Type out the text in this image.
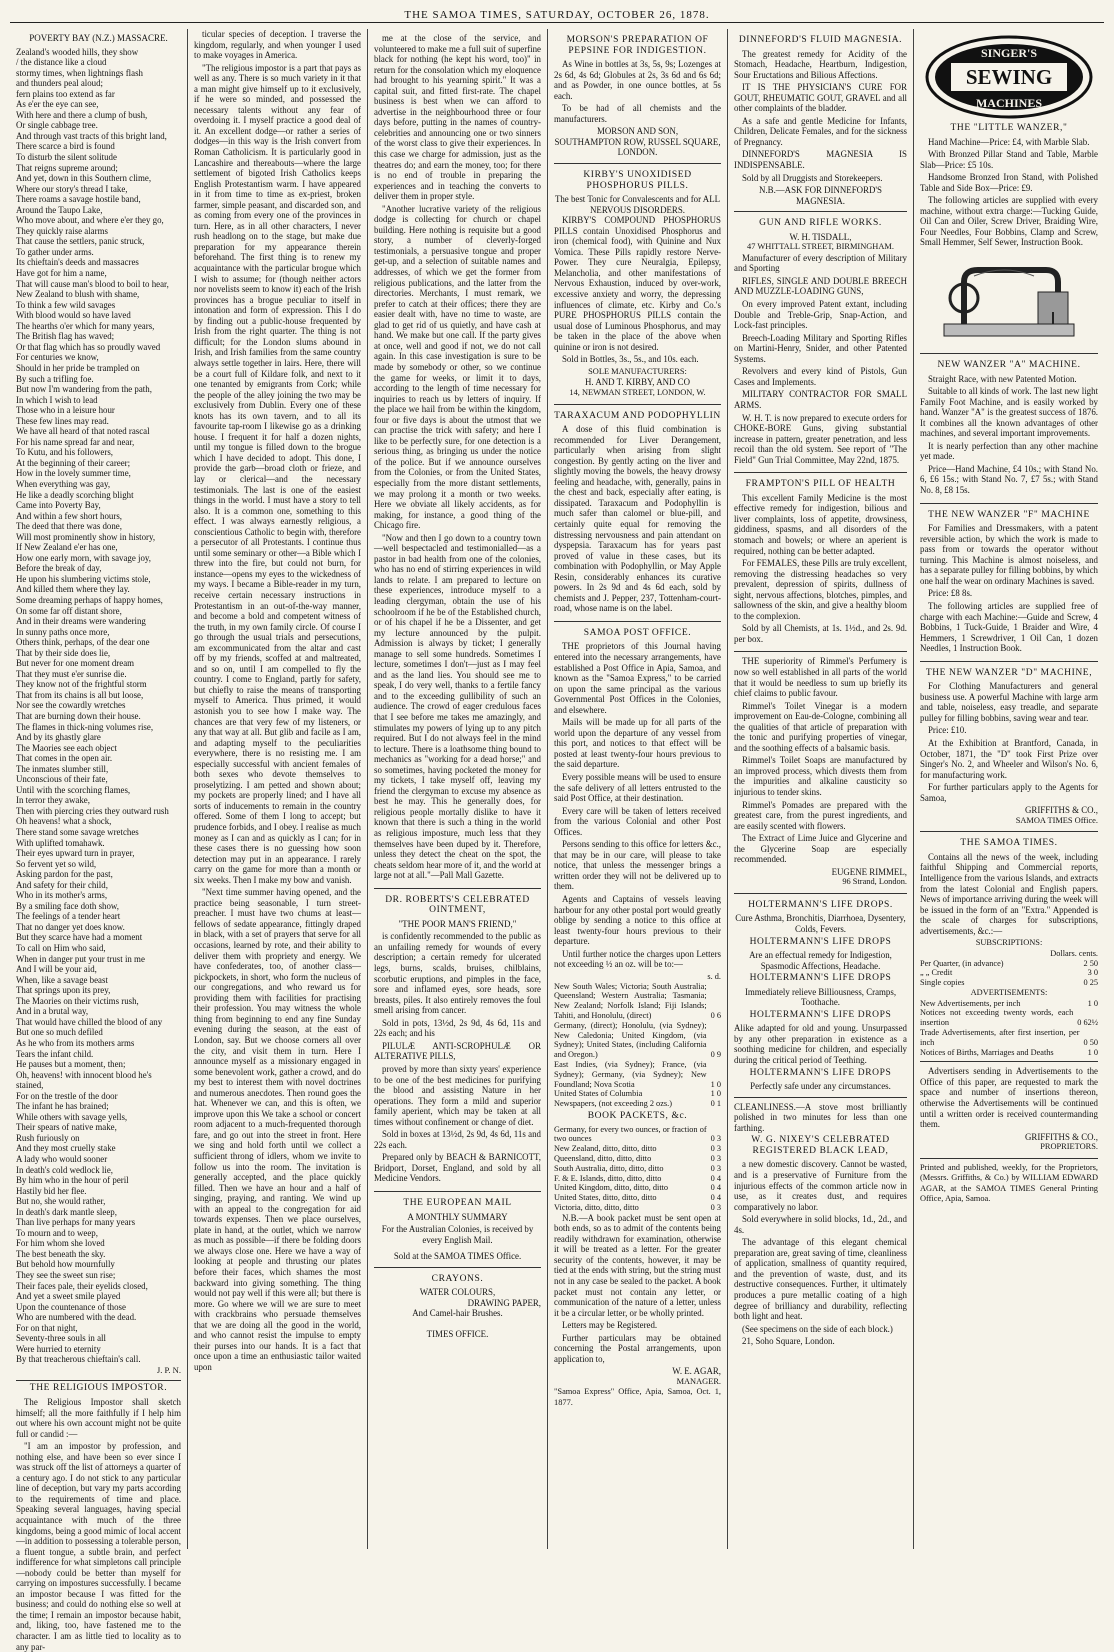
THE SAMOA TIMES, SATURDAY, OCTOBER 26, 1878.
POVERTY BAY (N.Z.) MASSACRE.

Zealand's wooded hills, they show

/ the distance like a cloud

stormy times, when lightnings flash

and thunders peal aloud;

fern plains too extend as far

As e'er the eye can see,

With here and there a clump of bush,

Or single cabbage tree.

And through vast tracts of this bright land,

There scarce a bird is found

To disturb the silent solitude

That reigns supreme around;

And yet, down in this Southern clime,

Where our story's thread I take,

There roams a savage hostile band,

Around the Taupo Lake,

Who move about, and where e'er they go,

They quickly raise alarms

That cause the settlers, panic struck,

To gather under arms.

Its chieftain's deeds and massacres

Have got for him a name,

That will cause man's blood to boil to hear,

New Zealand to blush with shame,

To think a few wild savages

With blood would so have laved

The hearths o'er which for many years,

The British flag has waved;

Or that flag which has so proudly waved

For centuries we know,

Should in her pride be trampled on

By such a trifling foe.

But now I'm wandering from the path,

In which I wish to lead

Those who in a leisure hour

These few lines may read.

We have all heard of that noted rascal

For his name spread far and near,

To Kutu, and his followers,

At the beginning of their career;

How in the lovely summer time,

When everything was gay,

He like a deadly scorching blight

Came into Poverty Bay,

And within a few short hours,

The deed that there was done,

Will most prominently show in history,

If New Zealand e'er has one,

How one early morn, with savage joy,

Before the break of day,

He upon his slumbering victims stole,

And killed them where they lay.

Some dreaming perhaps of happy homes,

On some far off distant shore,

And in their dreams were wandering

In sunny paths once more,

Others think, perhaps, of the dear one

That by their side does lie,

But never for one moment dream

That they must e'er sunrise die.

They know not of the frightful storm

That from its chains is all but loose,

Nor see the cowardly wretches

That are burning down their house.

The flames in thick-ning volumes rise,

And by its ghastly glare

The Maories see each object

That comes in the open air.

The inmates slumber still,

Unconscious of their fate,

Until with the scorching flames,

In terror they awake,

Then with piercing cries they outward rush

Oh heavens! what a shock,

There stand some savage wretches

With uplifted tomahawk.

Their eyes upward turn in prayer,

So fervent yet so wild,

Asking pardon for the past,

And safety for their child,

Who in its mother's arms,

By a smiling face doth show,

The feelings of a tender heart

That no danger yet does know.

But they scarce have had a moment

To call on Him who said,

When in danger put your trust in me

And I will be your aid,

When, like a savage beast

That springs upon its prey,

The Maories on their victims rush,

And in a brutal way,

That would have chilled the blood of any

But one so much defiled

As he who from its mothers arms

Tears the infant child.

He pauses but a moment, then;

Oh, heavens! with innocent blood he's stained,

For on the trestle of the door

The infant he has brained;

While others with savage yells,

Their spears of native make,

Rush furiously on

And they most cruelly stake

A lady who would sooner

In death's cold wedlock lie,

By him who in the hour of peril

Hastily bid her flee.

But no, she would rather,

In death's dark mantle sleep,

Than live perhaps for many years

To mourn and to weep,

For him whom she loved

The best beneath the sky.

But behold how mournfully

They see the sweet sun rise;

Their faces pale, their eyelids closed,

And yet a sweet smile played

Upon the countenance of those

Who are numbered with the dead.

For on that night,

Seventy-three souls in all

Were hurried to eternity

By that treacherous chieftain's call.

J. P. N.
THE RELIGIOUS IMPOSTOR.

The Religious Impostor shall sketch himself; all the more faithfully if I help him out where his own account might not be quite full or candid :—

"I am an impostor by profession, and nothing else, and have been so ever since I was struck off the list of attorneys a quarter of a century ago. I do not stick to any particular line of deception, but vary my parts according to the requirements of time and place. Speaking several languages, having special acquaintance with much of the three kingdoms, being a good mimic of local accent—in addition to possessing a tolerable person, a fluent tongue, a subtle brain, and perfect indifference for what simpletons call principle—nobody could be better than myself for carrying on impostures successfully. I became an impostor because I was fitted for the business; and could do nothing else so well at the time; I remain an impostor because habit, and, liking, too, have fastened me to the character. I am as little tied to locality as to any par-

ticular species of deception. I traverse the kingdom, regularly, and when younger I used to make voyages in America.

"The religious impostor is a part that pays as well as any. There is so much variety in it that a man might give himself up to it exclusively, if he were so minded, and possessed the necessary talents without any fear of overdoing it. I myself practice a good deal of it. An excellent dodge—or rather a series of dodges—in this way is the Irish convert from Roman Catholicism. It is particularly good in Lancashire and thereabouts—where the large settlement of bigoted Irish Catholics keeps English Protestantism warm. I have appeared in it from time to time as ex-priest, broken farmer, simple peasant, and discarded son, and as coming from every one of the provinces in turn. Here, as in all other characters, I never rush headlong on to the stage, but make due preparation for my appearance therein beforehand. The first thing is to renew my acquaintance with the particular brogue which I wish to assume; for (though neither actors nor novelists seem to know it) each of the Irish provinces has a brogue peculiar to itself in intonation and form of expression. This I do by finding out a public-house frequented by Irish from the right quarter. The thing is not difficult; for the London slums abound in Irish, and Irish families from the same country always settle together in lairs. Here, there will be a court full of Kildare folk, and next to it one tenanted by emigrants from Cork; while the people of the alley joining the two may be exclusively from Dublin. Every one of these knots has its own tavern, and to all its favourite tap-room I likewise go as a drinking house. I frequent it for half a dozen nights, until my tongue is filled down to the brogue which I have decided to adopt. This done, I provide the garb—broad cloth or frieze, and lay or clerical—and the necessary testimonials. The last is one of the easiest things in the world. I must have a story to tell also. It is a common one, something to this effect. I was always earnestly religious, a conscientious Catholic to begin with, therefore a persecutor of all Protestants. I continue thus until some seminary or other—a Bible which I threw into the fire, but could not burn, for instance—opens my eyes to the wickedness of my ways. I became a Bible-reader in my turn, receive certain necessary instructions in Protestantism in an out-of-the-way manner, and become a bold and competent witness of the truth, in my own family circle. Of course I go through the usual trials and persecutions, am excommunicated from the altar and cast off by my friends, scoffed at and maltreated, and so on, until I am compelled to fly the country. I come to England, partly for safety, but chiefly to raise the means of transporting myself to America. Thus primed, it would astonish you to see how I make way. The chances are that very few of my listeners, or any that way at all. But glib and facile as I am, and adapting myself to the peculiarities everywhere, there is no resisting me. I am especially successful with ancient females of both sexes who devote themselves to proselytizing. I am petted and shown about; my pockets are properly lined; and I have all sorts of inducements to remain in the country offered. Some of them I long to accept; but prudence forbids, and I obey. I realise as much money as I can and as quickly as I can; for in these cases there is no guessing how soon detection may put in an appearance. I rarely carry on the game for more than a month or six weeks. Then I make my bow and vanish.

"Next time summer having opened, and the practice being seasonable, I turn street-preacher. I must have two chums at least—fellows of sedate appearance, fittingly draped in black, with a set of prayers that serve for all occasions, learned by rote, and their ability to deliver them with propriety and energy. We have confederates, too, of another class—pickpockets, in short, who form the nucleus of our congregations, and who reward us for providing them with facilities for practising their profession. You may witness the whole thing from beginning to end any fine Sunday evening during the season, at the east of London, say. But we choose corners all over the city, and visit them in turn. Here I announce myself as a missionary engaged in some benevolent work, gather a crowd, and do my best to interest them with novel doctrines and numerous anecdotes. Then round goes the hat. Whenever we can, and this is often, we improve upon this We take a school or concert room adjacent to a much-frequented thorough fare, and go out into the street in front. Here we sing and hold forth until we collect a sufficient throng of idlers, whom we invite to follow us into the room. The invitation is generally accepted, and the place quickly filled. Then we have an hour and a half of singing, praying, and ranting. We wind up with an appeal to the congregation for aid towards expenses. Then we place ourselves, plate in hand, at the outlet, which we narrow as much as possible—if there be folding doors we always close one. Here we have a way of looking at people and thrusting our plates before their faces, which shames the most backward into giving something. The thing would not pay well if this were all; but there is more. Go where we will we are sure to meet with crackbrains who persuade themselves that we are doing all the good in the world, and who cannot resist the impulse to empty their purses into our hands. It is a fact that once upon a time an enthusiastic tailor waited upon

me at the close of the service, and volunteered to make me a full suit of superfine black for nothing (he kept his word, too)" in return for the consolation which my eloquence had brought to his yearning spirit." It was a capital suit, and fitted first-rate. The chapel business is best when we can afford to advertise in the neighbourhood three or four days before, putting in the names of country-celebrities and announcing one or two sinners of the worst class to give their experiences. In this case we charge for admission, just as the theatres do; and earn the money, too; for there is no end of trouble in preparing the experiences and in teaching the converts to deliver them in proper style.

"Another lucrative variety of the religious dodge is collecting for church or chapel building. Here nothing is requisite but a good story, a number of cleverly-forged testimonials, a persuasive tongue and proper get-up, and a selection of suitable names and addresses, of which we get the former from religious publications, and the latter from the directories. Merchants, I must remark, we prefer to catch at their offices; there they are easier dealt with, have no time to waste, are glad to get rid of us quietly, and have cash at hand. We make but one call. If the party gives at once, well and good if not, we do not call again. In this case investigation is sure to be made by somebody or other, so we continue the game for weeks, or limit it to days, according to the length of time necessary for inquiries to reach us by letters of inquiry. If the place we hail from be within the kingdom, four or five days is about the utmost that we can practise the trick with safety; and here I like to be perfectly sure, for one detection is a serious thing, as bringing us under the notice of the police. But if we announce ourselves from the Colonies, or from the United States, especially from the more distant settlements, we may prolong it a month or two weeks. Here we obviate all likely accidents, as for making, for instance, a good thing of the Chicago fire.

"Now and then I go down to a country town—well bespectacled and testimonialled—as a pastor in bad health from one of the colonies, who has no end of stirring experiences in wild lands to relate. I am prepared to lecture on these experiences, introduce myself to a leading clergyman, obtain the use of his schoolroom if he be of the Established church, or of his chapel if he be a Dissenter, and get my lecture announced by the pulpit. Admission is always by ticket; I generally manage to sell some hundreds. Sometimes I lecture, sometimes I don't—just as I may feel and as the land lies. You should see me to speak, I do very well, thanks to a fertile fancy and to the exceeding gullibility of such an audience. The crowd of eager credulous faces that I see before me takes me amazingly, and stimulates my powers of lying up to any pitch required. But I do not always feel in the mind to lecture. There is a loathsome thing bound to mechanics as "working for a dead horse;" and so sometimes, having pocketed the money for my tickets, I take myself off, leaving my friend the clergyman to excuse my absence as best he may. This he generally does, for religious people mortally dislike to have it known that there is such a thing in the world as religious imposture, much less that they themselves have been duped by it. Therefore, unless they detect the cheat on the spot, the cheats seldom hear more of it, and the world at large not at all."—Pall Mall Gazette.

DR. ROBERTS'S CELEBRATED OINTMENT,
"THE POOR MAN'S FRIEND,"

is confidently recommended to the public as an unfailing remedy for wounds of every description; a certain remedy for ulcerated legs, burns, scalds, bruises, chilblains, scorbutic eruptions, and pimples in the face, sore and inflamed eyes, sore heads, sore breasts, piles. It also entirely removes the foul smell arising from cancer.

Sold in pots, 13½d, 2s 9d, 4s 6d, 11s and 22s each; and his

PILULÆ ANTI-SCROPHULÆ OR ALTERATIVE PILLS,

proved by more than sixty years' experience to be one of the best medicines for purifying the blood and assisting Nature in her operations. They form a mild and superior family aperient, which may be taken at all times without confinement or change of diet.

Sold in boxes at 13½d, 2s 9d, 4s 6d, 11s and 22s each.

Prepared only by BEACH & BARNICOTT, Bridport, Dorset, England, and sold by all Medicine Vendors.

THE EUROPEAN MAIL
A MONTHLY SUMMARY
For the Australian Colonies, is received by every English Mail.
Sold at the SAMOA TIMES Office.
CRAYONS.
WATER COLOURS,
DRAWING PAPER,
And Camel-hair Brushes.
TIMES OFFICE.
MORSON'S PREPARATION OF PEPSINE FOR INDIGESTION.

As Wine in bottles at 3s, 5s, 9s; Lozenges at 2s 6d, 4s 6d; Globules at 2s, 3s 6d and 6s 6d; and as Powder, in one ounce bottles, at 5s each.

To be had of all chemists and the manufacturers.

MORSON AND SON,
SOUTHAMPTON ROW, RUSSEL SQUARE, LONDON.
KIRBY'S UNOXIDISED PHOSPHORUS PILLS.
The best Tonic for Convalescents and for ALL NERVOUS DISORDERS.

KIRBY'S COMPOUND PHOSPHORUS PILLS contain Unoxidised Phosphorus and iron (chemical food), with Quinine and Nux Vomica. These Pills rapidly restore Nerve-Power. They cure Neuralgia, Epilepsy, Melancholia, and other manifestations of Nervous Exhaustion, induced by over-work, excessive anxiety and worry, the depressing influences of climate, etc. Kirby and Co.'s PURE PHOSPHORUS PILLS contain the usual dose of Luminous Phosphorus, and may be taken in the place of the above when quinine or iron is not desired.

Sold in Bottles, 3s., 5s., and 10s. each.

SOLE MANUFACTURERS:
H. AND T. KIRBY, AND CO
14, NEWMAN STREET, LONDON, W.
TARAXACUM AND PODOPHYLLIN

A dose of this fluid combination is recommended for Liver Derangement, particularly when arising from slight congestion. By gently acting on the liver and slightly moving the bowels, the heavy drowsy feeling and headache, with, generally, pains in the chest and back, especially after eating, is dissipated. Taraxacum and Podophyllin is much safer than calomel or blue-pill, and certainly quite equal for removing the distressing nervousness and pain attendant on dyspepsia. Taraxacum has for years past proved of value in these cases, but its combination with Podophyllin, or May Apple Resin, considerably enhances its curative powers. In 2s 9d and 4s 6d each, sold by chemists and J. Pepper, 237, Tottenham-court-road, whose name is on the label.

SAMOA POST OFFICE.

THE proprietors of this Journal having entered into the necessary arrangements, have established a Post Office in Apia, Samoa, and known as the "Samoa Express," to be carried on upon the same principal as the various Governmental Post Offices in the Colonies, and elsewhere.

Mails will be made up for all parts of the world upon the departure of any vessel from this port, and notices to that effect will be posted at least twenty-four hours previous to the said departure.

Every possible means will be used to ensure the safe delivery of all letters entrusted to the said Post Office, at their destination.

Every care will be taken of letters received from the various Colonial and other Post Offices.

Persons sending to this office for letters &c., that may be in our care, will please to take notice, that unless the messenger brings a written order they will not be delivered up to them.

Agents and Captains of vessels leaving harbour for any other postal port would greatly oblige by sending a notice to this office at least twenty-four hours previous to their departure.

Until further notice the charges upon Letters not exceeding ½ an oz. will be to:—

s. d.
New South Wales; Victoria; South Australia; Queensland; Western Australia; Tasmania; New Zealand; Norfolk Island; Fiji Islands; Tahiti, and Honolulu, (direct)	0 6
Germany, (direct); Honolulu, (via Sydney); New Caledonia; United Kingdom, (via Sydney); United States, (including California and Oregon.)	0 9
East Indies, (via Sydney); France, (via Sydney); Germany, (via Sydney); New Foundland; Nova Scotia	1 0
United States of Columbia	1 0
Newspapers, (not exceeding 2 ozs.)	0 1
BOOK PACKETS, &c.
Germany, for every two ounces, or fraction of two ounces	0 3
New Zealand, ditto, ditto, ditto	0 3
Queensland, ditto, ditto, ditto	0 3
South Australia, ditto, ditto, ditto	0 3
F. & E. Islands, ditto, ditto, ditto	0 4
United Kingdom, ditto, ditto, ditto	0 4
United States, ditto, ditto, ditto	0 4
Victoria, ditto, ditto, ditto	0 3

N.B.—A book packet must be sent open at both ends, so as to admit of the contents being readily withdrawn for examination, otherwise it will be treated as a letter. For the greater security of the contents, however, it may be tied at the ends with string, but the string must not in any case be sealed to the packet. A book packet must not contain any letter, or communication of the nature of a letter, unless it be a circular letter, or be wholly printed.

Letters may be Registered.

Further particulars may be obtained concerning the Postal arrangements, upon application to,

W. E. AGAR,
MANAGER.
"Samoa Express" Office, Apia, Samoa, Oct. 1, 1877.
DINNEFORD'S FLUID MAGNESIA.

The greatest remedy for Acidity of the Stomach, Headache, Heartburn, Indigestion, Sour Eructations and Bilious Affections.

IT IS THE PHYSICIAN'S CURE FOR GOUT, RHEUMATIC GOUT, GRAVEL and all other complaints of the bladder.

As a safe and gentle Medicine for Infants, Children, Delicate Females, and for the sickness of Pregnancy.

DINNEFORD'S MAGNESIA IS INDISPENSABLE.

Sold by all Druggists and Storekeepers.

N.B.—ASK FOR DINNEFORD'S MAGNESIA.
GUN AND RIFLE WORKS.
W. H. TISDALL,
47 WHITTALL STREET, BIRMINGHAM.

Manufacturer of every description of Military and Sporting

RIFLES, SINGLE AND DOUBLE BREECH AND MUZZLE-LOADING GUNS,

On every improved Patent extant, including Double and Treble-Grip, Snap-Action, and Lock-fast principles.

Breech-Loading Military and Sporting Rifles on Martini-Henry, Snider, and other Patented Systems.

Revolvers and every kind of Pistols, Gun Cases and Implements.

MILITARY CONTRACTOR FOR SMALL ARMS.

W. H. T. is now prepared to execute orders for CHOKE-BORE Guns, giving substantial increase in pattern, greater penetration, and less recoil than the old system. See report of "The Field" Gun Trial Committee, May 22nd, 1875.

FRAMPTON'S PILL OF HEALTH

This excellent Family Medicine is the most effective remedy for indigestion, bilious and liver complaints, loss of appetite, drowsiness, giddiness, spasms, and all disorders of the stomach and bowels; or where an aperient is required, nothing can be better adapted.

For FEMALES, these Pills are truly excellent, removing the distressing headaches so very prevalent, depression of spirits, dullness of sight, nervous affections, blotches, pimples, and sallowness of the skin, and give a healthy bloom to the complexion.

Sold by all Chemists, at 1s. 1½d., and 2s. 9d. per box.

THE superiority of Rimmel's Perfumery is now so well established in all parts of the world that it would be needless to sum up briefly its chief claims to public favour.

Rimmel's Toilet Vinegar is a modern improvement on Eau-de-Cologne, combining all the qualities of that article of preparation with the tonic and purifying properties of vinegar, and the soothing effects of a balsamic basis.

Rimmel's Toilet Soaps are manufactured by an improved process, which divests them from the impurities and alkaline causticity so injurious to tender skins.

Rimmel's Pomades are prepared with the greatest care, from the purest ingredients, and are easily scented with flowers.

The Extract of Lime Juice and Glycerine and the Glycerine Soap are especially recommended.

EUGENE RIMMEL,
96 Strand, London.
HOLTERMANN'S LIFE DROPS.
Cure Asthma, Bronchitis, Diarrhoea, Dysentery, Colds, Fevers.
HOLTERMANN'S LIFE DROPS
Are an effectual remedy for Indigestion, Spasmodic Affections, Headache.
HOLTERMANN'S LIFE DROPS
Immediately relieve Billiousness, Cramps, Toothache.
HOLTERMANN'S LIFE DROPS
Alike adapted for old and young. Unsurpassed by any other preparation in existence as a soothing medicine for children, and especially during the critical period of Teething.
HOLTERMANN'S LIFE DROPS
Perfectly safe under any circumstances.
CLEANLINESS.—A stove most brilliantly polished in two minutes for less than one farthing.
W. G. NIXEY'S CELEBRATED REGISTERED BLACK LEAD,

a new domestic discovery. Cannot be wasted, and is a preservative of Furniture from the injurious effects of the common article now in use, as it creates dust, and requires comparatively no labor.

Sold everywhere in solid blocks, 1d., 2d., and 4s.

The advantage of this elegant chemical preparation are, great saving of time, cleanliness of application, smallness of quantity required, and the prevention of waste, dust, and its destructive consequences. Further, it ultimately produces a pure metallic coating of a high degree of brilliancy and durability, reflecting both light and heat.

(See specimens on the side of each block.)

21, Soho Square, London.

SINGER'S
SEWING
MACHINES
THE "LITTLE WANZER,"

Hand Machine—Price: £4, with Marble Slab.

With Bronzed Pillar Stand and Table, Marble Slab—Price: £5 10s.

Handsome Bronzed Iron Stand, with Polished Table and Side Box—Price: £9.

The following articles are supplied with every machine, without extra charge:—Tucking Guide, Oil Can and Oiler, Screw Driver, Braiding Wire, Four Needles, Four Bobbins, Clamp and Screw, Small Hemmer, Self Sewer, Instruction Book.

NEW WANZER "A" MACHINE.

Straight Race, with new Patented Motion.

Suitable to all kinds of work. The last new light Family Foot Machine, and is easily worked by hand. Wanzer "A" is the greatest success of 1876. It combines all the known advantages of other machines, and several important improvements.

It is nearly perfection than any other machine yet made.

Price—Hand Machine, £4 10s.; with Stand No. 6, £6 15s.; with Stand No. 7, £7 5s.; with Stand No. 8, £8 15s.

THE NEW WANZER "F" MACHINE

For Families and Dressmakers, with a patent reversible action, by which the work is made to pass from or towards the operator without turning. This Machine is almost noiseless, and has a separate pulley for filling bobbins, by which one half the wear on ordinary Machines is saved.

Price: £8 8s.

The following articles are supplied free of charge with each Machine:—Guide and Screw, 4 Bobbins, 1 Tuck-Guide, 1 Braider and Wire, 4 Hemmers, 1 Screwdriver, 1 Oil Can, 1 dozen Needles, 1 Instruction Book.

THE NEW WANZER "D" MACHINE,

For Clothing Manufacturers and general business use. A powerful Machine with large arm and table, noiseless, easy treadle, and separate pulley for filling bobbins, saving wear and tear.

Price: £10.

At the Exhibition at Brantford, Canada, in October, 1871, the "D" took First Prize over Singer's No. 2, and Wheeler and Wilson's No. 6, for manufacturing work.

For further particulars apply to the Agents for Samoa,

GRIFFITHS & CO.,
SAMOA TIMES Office.
THE SAMOA TIMES.

Contains all the news of the week, including faithful Shipping and Commercial reports, Intelligence from the various Islands, and extracts from the latest Colonial and English papers. News of importance arriving during the week will be issued in the form of an "Extra." Appended is the scale of charges for subscriptions, advertisements, &c.:—

SUBSCRIPTIONS:
Dollars. cents.
Per Quarter, (in advance)	2 50
„ „ Credit	3 0
Single copies	0 25
ADVERTISEMENTS:
New Advertisements, per inch	1 0
Notices not exceeding twenty words, each insertion	0 62½
Trade Advertisements, after first insertion, per inch	0 50
Notices of Births, Marriages and Deaths	1 0

Advertisers sending in Advertisements to the Office of this paper, are requested to mark the space and number of insertions thereon, otherwise the Advertisements will be continued until a written order is received countermanding them.

GRIFFITHS & CO.,
PROPRIETORS.
Printed and published, weekly, for the Proprietors, (Messrs. Griffiths, & Co.) by WILLIAM EDWARD AGAR, at the SAMOA TIMES General Printing Office, Apia, Samoa.
